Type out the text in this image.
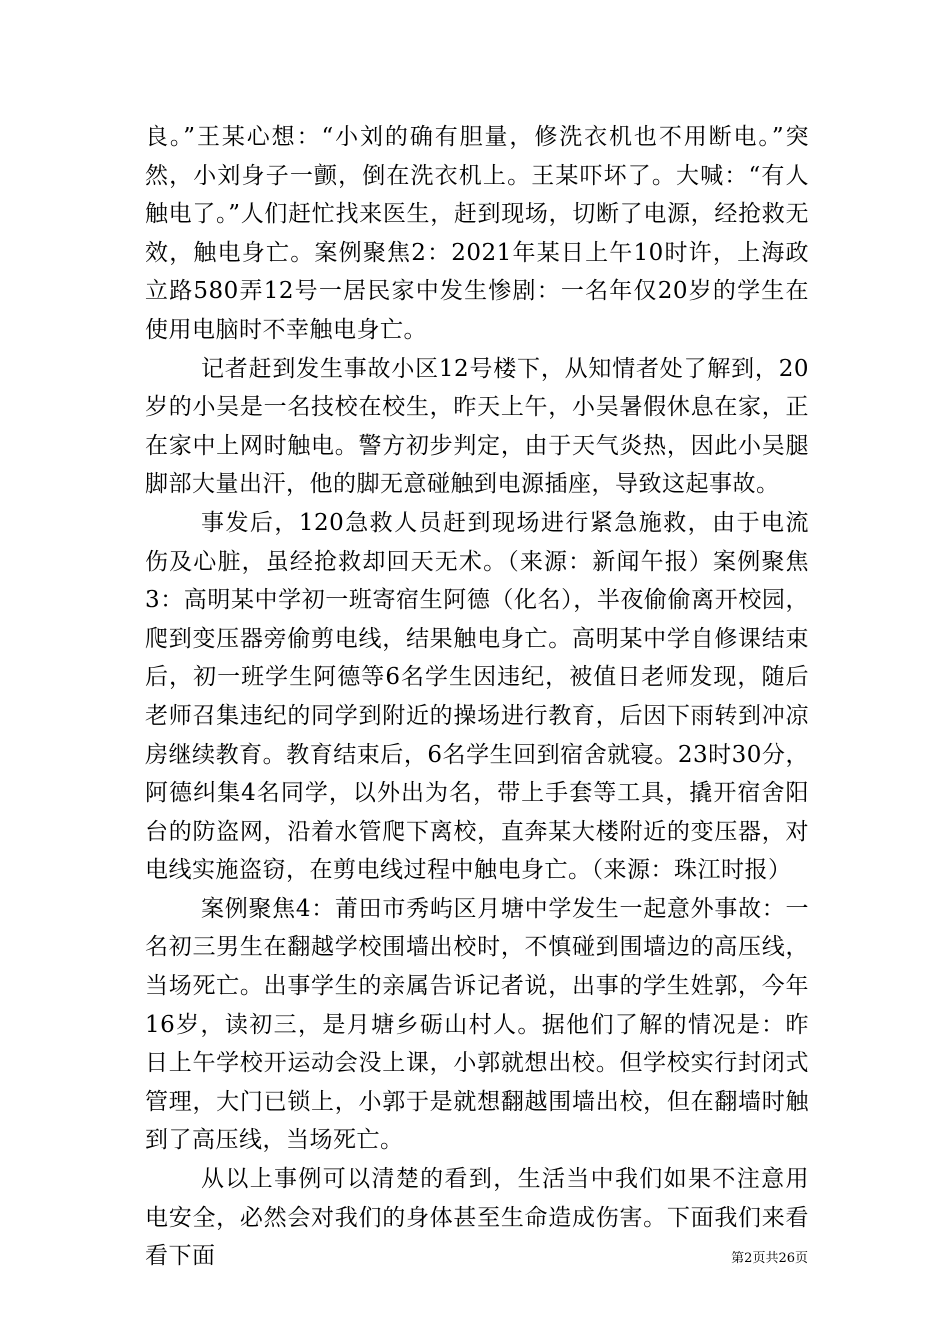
良。”王某心想：“小刘的确有胆量，修洗衣机也不用断电。”突然，小刘身子一颤，倒在洗衣机上。王某吓坏了。大喊：“有人触电了。”人们赶忙找来医生，赶到现场，切断了电源，经抢救无效，触电身亡。案例聚焦2：2021年某日上午10时许，上海政立路580弄12号一居民家中发生惨剧：一名年仅20岁的学生在使用电脑时不幸触电身亡。

记者赶到发生事故小区12号楼下，从知情者处了解到，20岁的小吴是一名技校在校生，昨天上午，小吴暑假休息在家，正在家中上网时触电。警方初步判定，由于天气炎热，因此小吴腿脚部大量出汗，他的脚无意碰触到电源插座，导致这起事故。

事发后，120急救人员赶到现场进行紧急施救，由于电流伤及心脏，虽经抢救却回天无术。（来源：新闻午报）案例聚焦3：高明某中学初一班寄宿生阿德（化名），半夜偷偷离开校园，爬到变压器旁偷剪电线，结果触电身亡。高明某中学自修课结束后，初一班学生阿德等6名学生因违纪，被值日老师发现，随后老师召集违纪的同学到附近的操场进行教育，后因下雨转到冲凉房继续教育。教育结束后，6名学生回到宿舍就寝。23时30分，阿德纠集4名同学，以外出为名，带上手套等工具，撬开宿舍阳台的防盗网，沿着水管爬下离校，直奔某大楼附近的变压器，对电线实施盗窃，在剪电线过程中触电身亡。（来源：珠江时报）

案例聚焦4：莆田市秀屿区月塘中学发生一起意外事故：一名初三男生在翻越学校围墙出校时，不慎碰到围墙边的高压线，当场死亡。出事学生的亲属告诉记者说，出事的学生姓郭，今年16岁，读初三，是月塘乡砺山村人。据他们了解的情况是：昨日上午学校开运动会没上课，小郭就想出校。但学校实行封闭式管理，大门已锁上，小郭于是就想翻越围墙出校，但在翻墙时触到了高压线，当场死亡。

从以上事例可以清楚的看到，生活当中我们如果不注意用电安全，必然会对我们的身体甚至生命造成伤害。下面我们来看看下面	第2页共26页
